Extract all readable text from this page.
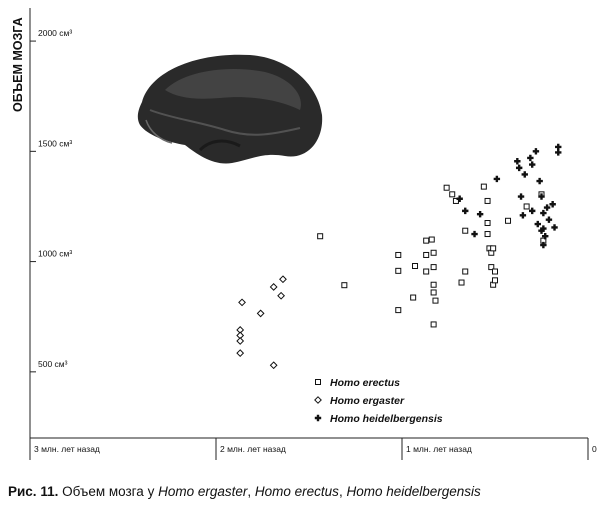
ОБЪЕМ МОЗГА
500 см³
1000 см³
1500 см³
2000 см³
3 млн. лет назад	2 млн. лет назад	1 млн. лет назад	0
Homo erectus
Homo ergaster
Homo heidelbergensis
Рис. 11. Объем мозга у Homo ergaster, Homo erectus, Homo heidelbergensis
